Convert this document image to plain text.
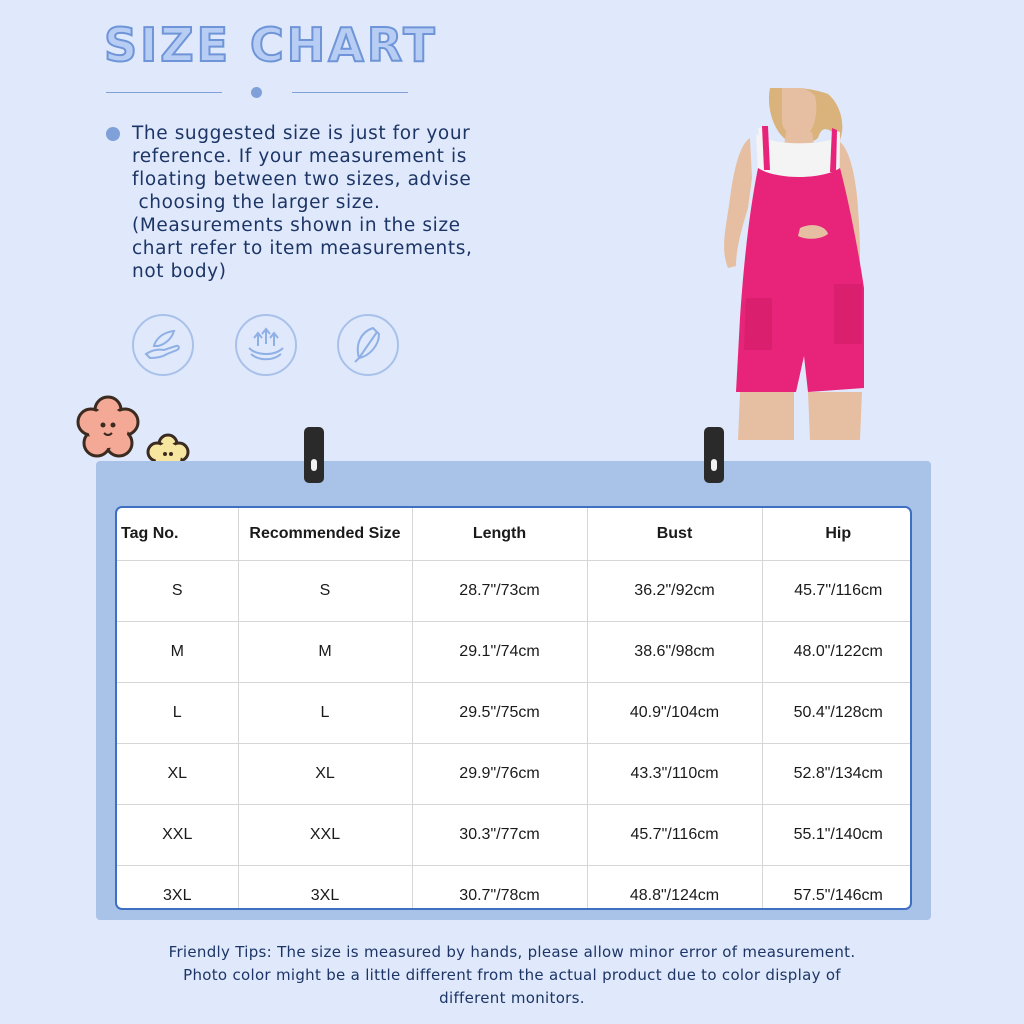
SIZE CHART

The suggested size is just for your
reference. If your measurement is
floating between two sizes, advise
choosing the larger size.
(Measurements shown in the size
chart refer to item measurements,
not body)

Tag No.	Recommended Size	Length	Bust	Hip
S	S	28.7"/73cm	36.2"/92cm	45.7"/116cm
M	M	29.1"/74cm	38.6"/98cm	48.0"/122cm
L	L	29.5"/75cm	40.9"/104cm	50.4"/128cm
XL	XL	29.9"/76cm	43.3"/110cm	52.8"/134cm
XXL	XXL	30.3"/77cm	45.7"/116cm	55.1"/140cm
3XL	3XL	30.7"/78cm	48.8"/124cm	57.5"/146cm

Friendly Tips: The size is measured by hands, please allow minor error of measurement.
Photo color might be a little different from the actual product due to color display of
different monitors.
